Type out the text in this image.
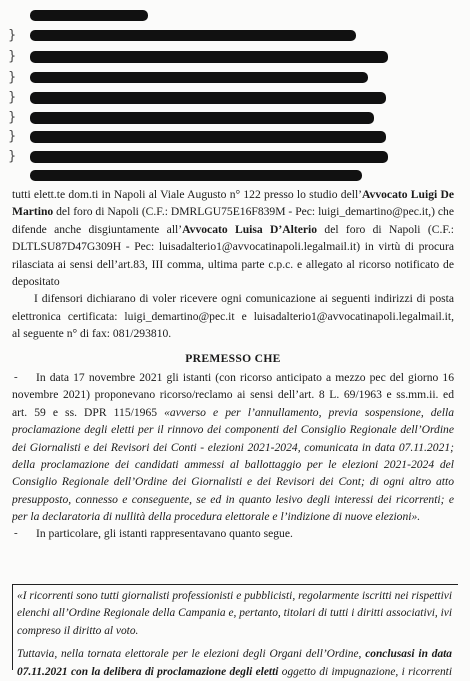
}
}
}
}
}
}
}
tutti elett.te dom.ti in Napoli al Viale Augusto n° 122 presso lo studio dell’Avvocato Luigi De
Martino del foro di Napoli (C.F.: DMRLGU75E16F839M - Pec: luigi_demartino@pec.it,) che
difende anche disgiuntamente all’Avvocato Luisa D’Alterio del foro di Napoli (C.F.:
DLTLSU87D47G309H - Pec: luisadalterio1@avvocatinapoli.legalmail.it) in virtù di procura
rilasciata ai sensi dell’art.83, III comma, ultima parte c.p.c. e allegato al ricorso notificato de
depositato
I difensori dichiarano di voler ricevere ogni comunicazione ai seguenti indirizzi di posta
elettronica certificata: luigi_demartino@pec.it e luisadalterio1@avvocatinapoli.legalmail.it,
al seguente n° di fax: 081/293810.
PREMESSO CHE
- In data 17 novembre 2021 gli istanti (con ricorso anticipato a mezzo pec del giorno 16
novembre 2021) proponevano ricorso/reclamo ai sensi dell’art. 8 L. 69/1963 e ss.mm.ii. ed
art. 59 e ss. DPR 115/1965 «avverso e per l’annullamento, previa sospensione, della
proclamazione degli eletti per il rinnovo dei componenti del Consiglio Regionale dell’Ordine
dei Giornalisti e dei Revisori dei Conti - elezioni 2021-2024, comunicata in data 07.11.2021;
della proclamazione dei candidati ammessi al ballottaggio per le elezioni 2021-2024 del
Consiglio Regionale dell’Ordine dei Giornalisti e dei Revisori dei Cont; di ogni altro atto
presupposto, connesso e conseguente, se ed in quanto lesivo degli interessi dei ricorrenti; e
per la declaratoria di nullità della procedura elettorale e l’indizione di nuove elezioni».
- In particolare, gli istanti rappresentavano quanto segue.
«I ricorrenti sono tutti giornalisti professionisti e pubblicisti, regolarmente iscritti nei rispettivi
elenchi all’Ordine Regionale della Campania e, pertanto, titolari di tutti i diritti associativi, ivi
compreso il diritto al voto.
Tuttavia, nella tornata elettorale per le elezioni degli Organi dell’Ordine, conclusasi in data
07.11.2021 con la delibera di proclamazione degli eletti oggetto di impugnazione, i ricorrenti
